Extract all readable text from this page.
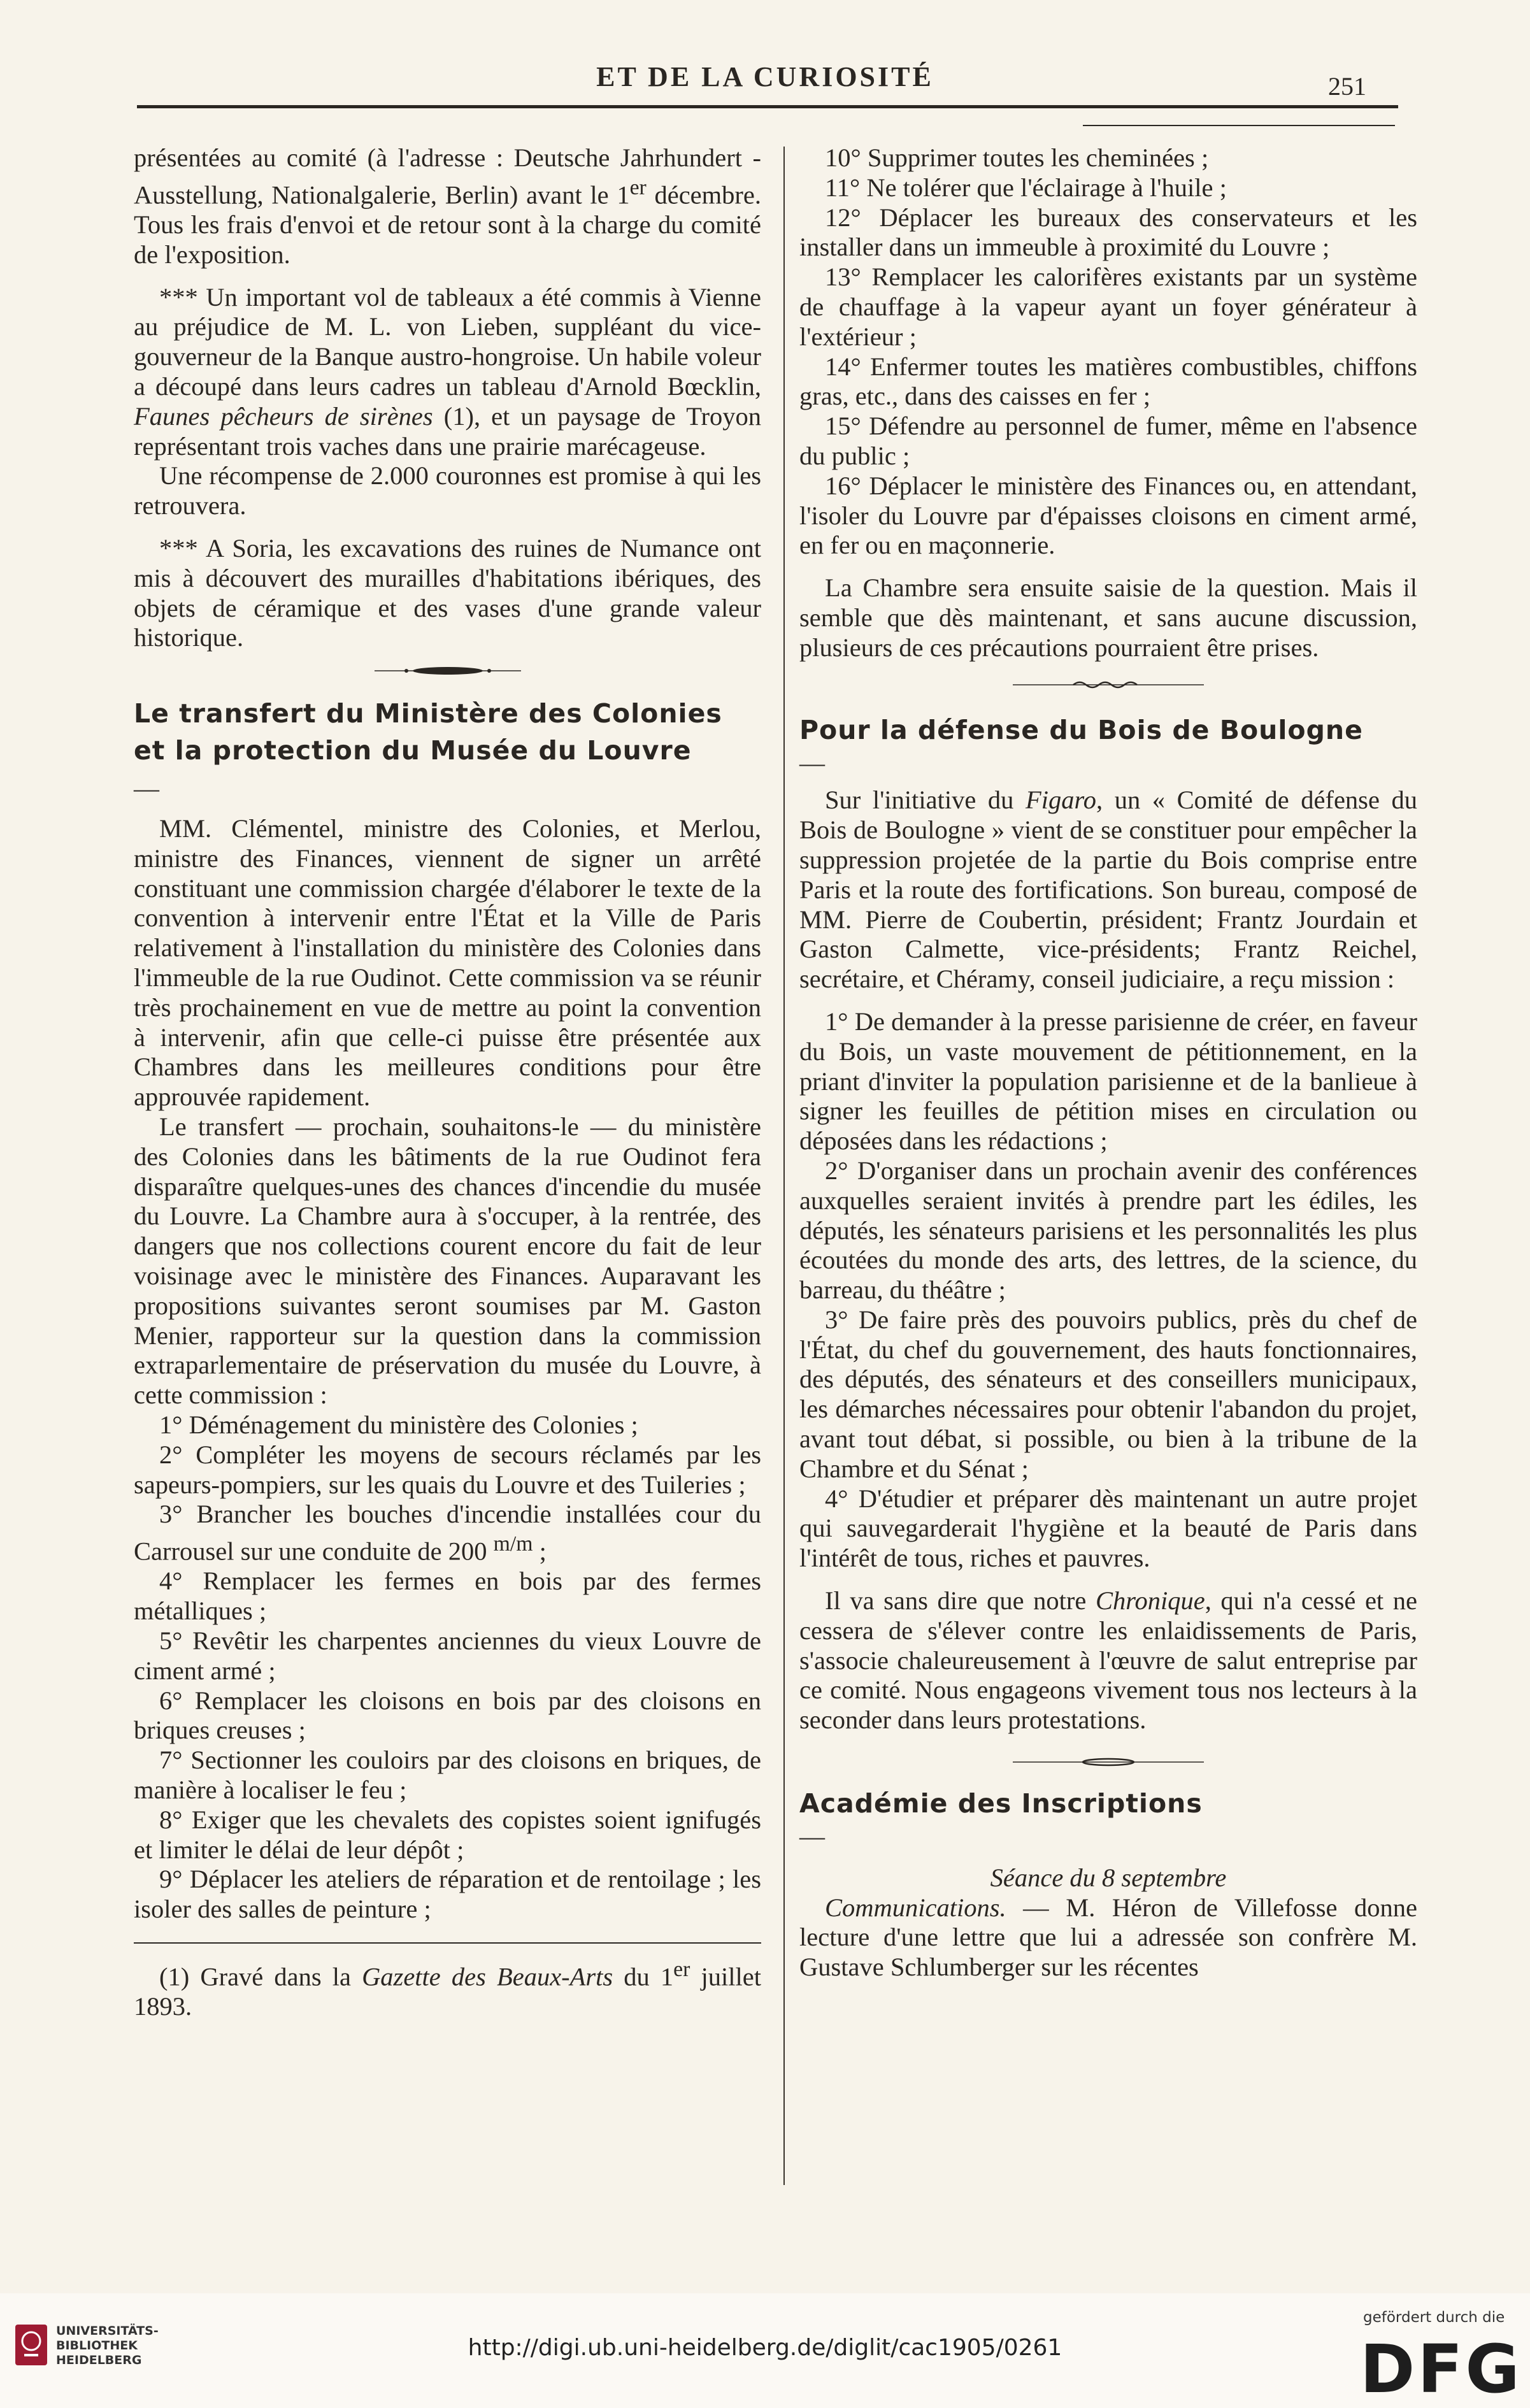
ET DE LA CURIOSITÉ	251

présentées au comité (à l'adresse : Deutsche Jahrhundert - Ausstellung, Nationalgalerie, Berlin) avant le 1er décembre. Tous les frais d'envoi et de retour sont à la charge du comité de l'exposition.

*** Un important vol de tableaux a été commis à Vienne au préjudice de M. L. von Lieben, suppléant du vice-gouverneur de la Banque austro-hongroise. Un habile voleur a découpé dans leurs cadres un tableau d'Arnold Bœcklin, Faunes pêcheurs de sirènes (1), et un paysage de Troyon représentant trois vaches dans une prairie marécageuse.

Une récompense de 2.000 couronnes est promise à qui les retrouvera.

*** A Soria, les excavations des ruines de Numance ont mis à découvert des murailles d'habitations ibériques, des objets de céramique et des vases d'une grande valeur historique.

Le transfert du Ministère des Colonies
et la protection du Musée du Louvre

—

MM. Clémentel, ministre des Colonies, et Merlou, ministre des Finances, viennent de signer un arrêté constituant une commission chargée d'élaborer le texte de la convention à intervenir entre l'État et la Ville de Paris relativement à l'installation du ministère des Colonies dans l'immeuble de la rue Oudinot. Cette commission va se réunir très prochainement en vue de mettre au point la convention à intervenir, afin que celle-ci puisse être présentée aux Chambres dans les meilleures conditions pour être approuvée rapidement.

Le transfert — prochain, souhaitons-le — du ministère des Colonies dans les bâtiments de la rue Oudinot fera disparaître quelques-unes des chances d'incendie du musée du Louvre. La Chambre aura à s'occuper, à la rentrée, des dangers que nos collections courent encore du fait de leur voisinage avec le ministère des Finances. Auparavant les propositions suivantes seront soumises par M. Gaston Menier, rapporteur sur la question dans la commission extraparlementaire de préservation du musée du Louvre, à cette commission :

1° Déménagement du ministère des Colonies ;

2° Compléter les moyens de secours réclamés par les sapeurs-pompiers, sur les quais du Louvre et des Tuileries ;

3° Brancher les bouches d'incendie installées cour du Carrousel sur une conduite de 200 $^{m/m}$ ;

4° Remplacer les fermes en bois par des fermes métalliques ;

5° Revêtir les charpentes anciennes du vieux Louvre de ciment armé ;

6° Remplacer les cloisons en bois par des cloisons en briques creuses ;

7° Sectionner les couloirs par des cloisons en briques, de manière à localiser le feu ;

8° Exiger que les chevalets des copistes soient ignifugés et limiter le délai de leur dépôt ;

9° Déplacer les ateliers de réparation et de rentoilage ; les isoler des salles de peinture ;

(1) Gravé dans la Gazette des Beaux-Arts du 1er juillet 1893.

10° Supprimer toutes les cheminées ;

11° Ne tolérer que l'éclairage à l'huile ;

12° Déplacer les bureaux des conservateurs et les installer dans un immeuble à proximité du Louvre ;

13° Remplacer les calorifères existants par un système de chauffage à la vapeur ayant un foyer générateur à l'extérieur ;

14° Enfermer toutes les matières combustibles, chiffons gras, etc., dans des caisses en fer ;

15° Défendre au personnel de fumer, même en l'absence du public ;

16° Déplacer le ministère des Finances ou, en attendant, l'isoler du Louvre par d'épaisses cloisons en ciment armé, en fer ou en maçonnerie.

La Chambre sera ensuite saisie de la question. Mais il semble que dès maintenant, et sans aucune discussion, plusieurs de ces précautions pourraient être prises.

Pour la défense du Bois de Boulogne

—

Sur l'initiative du Figaro, un « Comité de défense du Bois de Boulogne » vient de se constituer pour empêcher la suppression projetée de la partie du Bois comprise entre Paris et la route des fortifications. Son bureau, composé de MM. Pierre de Coubertin, président; Frantz Jourdain et Gaston Calmette, vice-présidents; Frantz Reichel, secrétaire, et Chéramy, conseil judiciaire, a reçu mission :

1° De demander à la presse parisienne de créer, en faveur du Bois, un vaste mouvement de pétitionnement, en la priant d'inviter la population parisienne et de la banlieue à signer les feuilles de pétition mises en circulation ou déposées dans les rédactions ;

2° D'organiser dans un prochain avenir des conférences auxquelles seraient invités à prendre part les édiles, les députés, les sénateurs parisiens et les personnalités les plus écoutées du monde des arts, des lettres, de la science, du barreau, du théâtre ;

3° De faire près des pouvoirs publics, près du chef de l'État, du chef du gouvernement, des hauts fonctionnaires, des députés, des sénateurs et des conseillers municipaux, les démarches nécessaires pour obtenir l'abandon du projet, avant tout débat, si possible, ou bien à la tribune de la Chambre et du Sénat ;

4° D'étudier et préparer dès maintenant un autre projet qui sauvegarderait l'hygiène et la beauté de Paris dans l'intérêt de tous, riches et pauvres.

Il va sans dire que notre Chronique, qui n'a cessé et ne cessera de s'élever contre les enlaidissements de Paris, s'associe chaleureusement à l'œuvre de salut entreprise par ce comité. Nous engageons vivement tous nos lecteurs à la seconder dans leurs protestations.

Académie des Inscriptions

—

Séance du 8 septembre

Communications. — M. Héron de Villefosse donne lecture d'une lettre que lui a adressée son confrère M. Gustave Schlumberger sur les récentes

UNIVERSITÄTS-
BIBLIOTHEK
HEIDELBERG	http://digi.ub.uni-heidelberg.de/diglit/cac1905/0261
gefördert durch die
DFG
